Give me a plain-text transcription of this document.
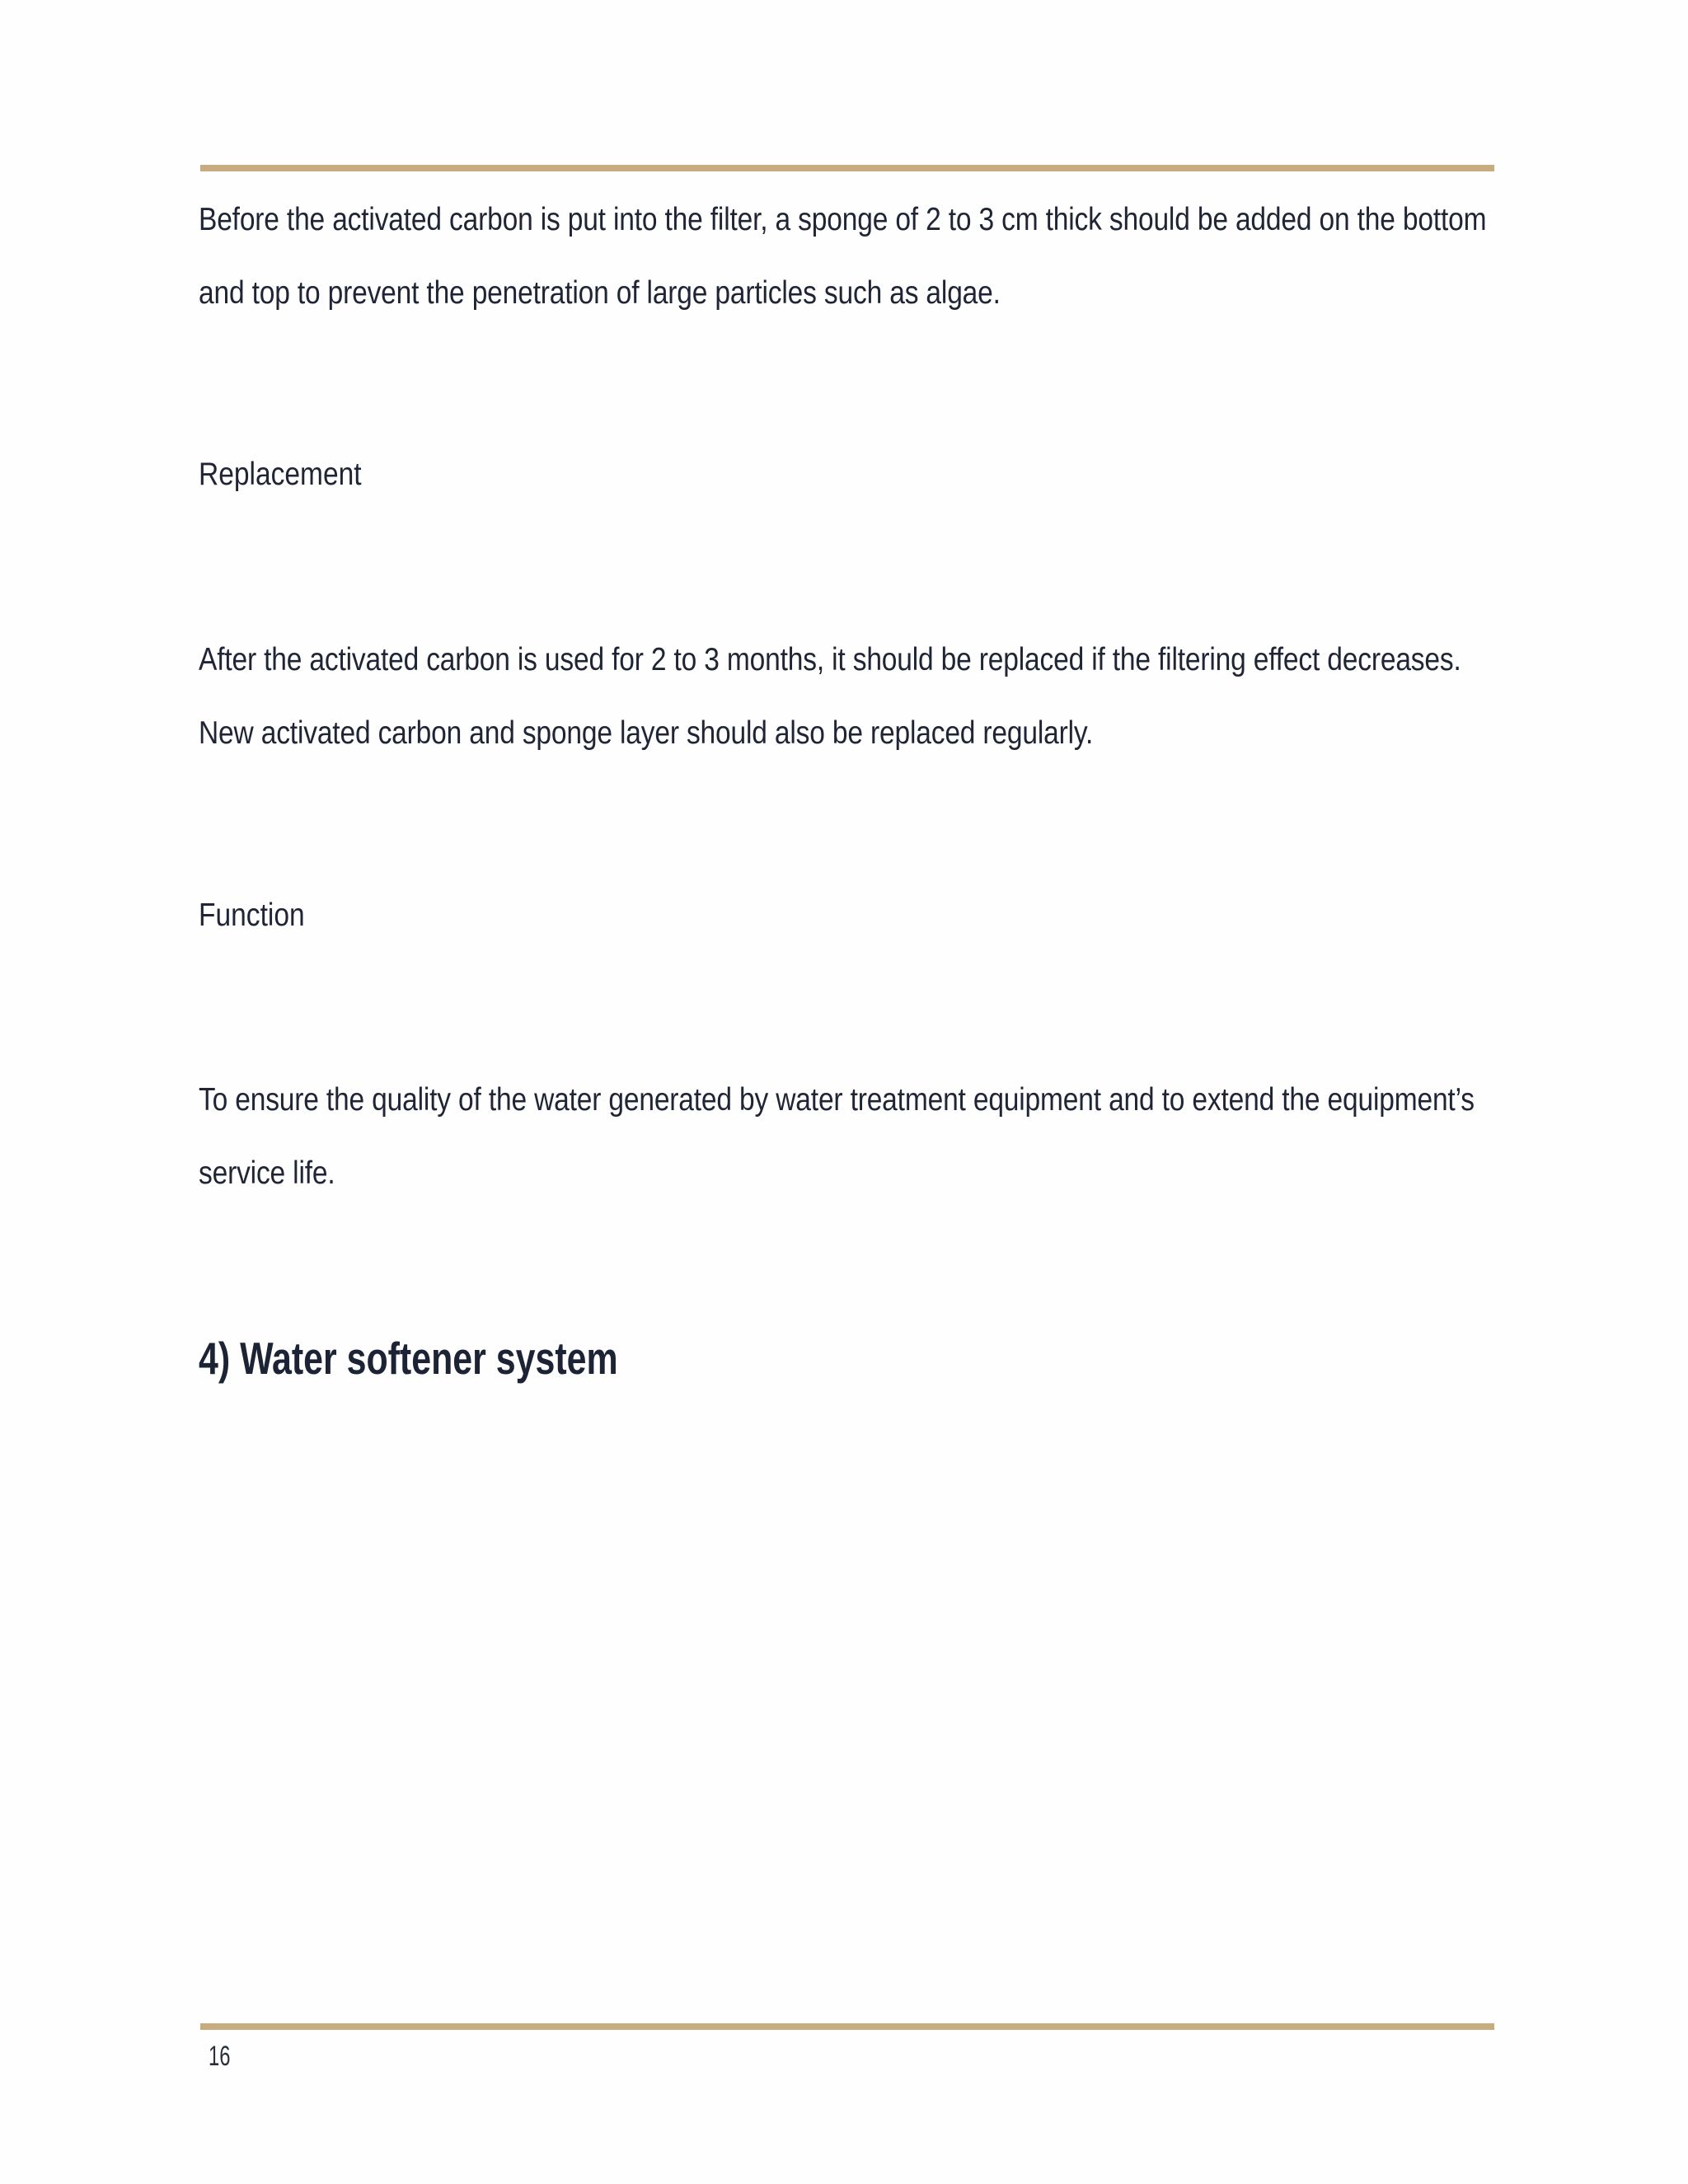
Before the activated carbon is put into the filter, a sponge of 2 to 3 cm thick should be added on the bottom and top to prevent the penetration of large particles such as algae.

Replacement

After the activated carbon is used for 2 to 3 months, it should be replaced if the filtering effect decreases. New activated carbon and sponge layer should also be replaced regularly.

Function

To ensure the quality of the water generated by water treatment equipment and to extend the equipment’s service life.

4) Water softener system
16
